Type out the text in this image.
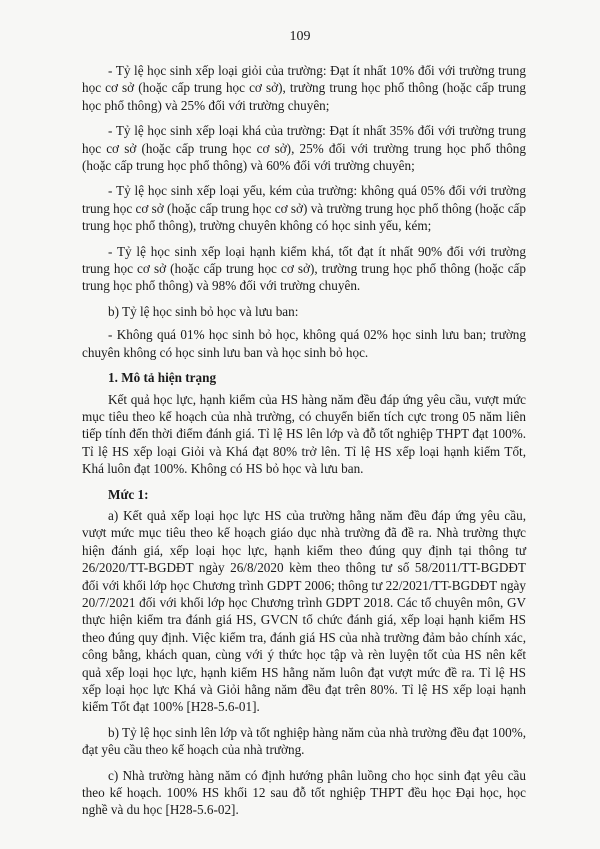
109

- Tỷ lệ học sinh xếp loại giỏi của trường: Đạt ít nhất 10% đối với trường trung học cơ sở (hoặc cấp trung học cơ sở), trường trung học phổ thông (hoặc cấp trung học phổ thông) và 25% đối với trường chuyên;

- Tỷ lệ học sinh xếp loại khá của trường: Đạt ít nhất 35% đối với trường trung học cơ sở (hoặc cấp trung học cơ sở), 25% đối với trường trung học phổ thông (hoặc cấp trung học phổ thông) và 60% đối với trường chuyên;

- Tỷ lệ học sinh xếp loại yếu, kém của trường: không quá 05% đối với trường trung học cơ sở (hoặc cấp trung học cơ sở) và trường trung học phổ thông (hoặc cấp trung học phổ thông), trường chuyên không có học sinh yếu, kém;

- Tỷ lệ học sinh xếp loại hạnh kiểm khá, tốt đạt ít nhất 90% đối với trường trung học cơ sở (hoặc cấp trung học cơ sở), trường trung học phổ thông (hoặc cấp trung học phổ thông) và 98% đối với trường chuyên.

b) Tỷ lệ học sinh bỏ học và lưu ban:

- Không quá 01% học sinh bỏ học, không quá 02% học sinh lưu ban; trường chuyên không có học sinh lưu ban và học sinh bỏ học.

1. Mô tả hiện trạng

Kết quả học lực, hạnh kiểm của HS hàng năm đều đáp ứng yêu cầu, vượt mức mục tiêu theo kế hoạch của nhà trường, có chuyển biến tích cực trong 05 năm liên tiếp tính đến thời điểm đánh giá. Tỉ lệ HS lên lớp và đỗ tốt nghiệp THPT đạt 100%. Tỉ lệ HS xếp loại Giỏi và Khá đạt 80% trở lên. Tỉ lệ HS xếp loại hạnh kiểm Tốt, Khá luôn đạt 100%. Không có HS bỏ học và lưu ban.

Mức 1:

a) Kết quả xếp loại học lực HS của trường hằng năm đều đáp ứng yêu cầu, vượt mức mục tiêu theo kế hoạch giáo dục nhà trường đã đề ra. Nhà trường thực hiện đánh giá, xếp loại học lực, hạnh kiểm theo đúng quy định tại thông tư 26/2020/TT-BGDĐT ngày 26/8/2020 kèm theo thông tư số 58/2011/TT-BGDĐT đối với khối lớp học Chương trình GDPT 2006; thông tư 22/2021/TT-BGDĐT ngày 20/7/2021 đối với khối lớp học Chương trình GDPT 2018. Các tổ chuyên môn, GV thực hiện kiểm tra đánh giá HS, GVCN tổ chức đánh giá, xếp loại hạnh kiểm HS theo đúng quy định. Việc kiểm tra, đánh giá HS của nhà trường đảm bảo chính xác, công bằng, khách quan, cùng với ý thức học tập và rèn luyện tốt của HS nên kết quả xếp loại học lực, hạnh kiểm HS hằng năm luôn đạt vượt mức đề ra. Tỉ lệ HS xếp loại học lực Khá và Giỏi hằng năm đều đạt trên 80%. Tỉ lệ HS xếp loại hạnh kiểm Tốt đạt 100% [H28-5.6-01].

b) Tỷ lệ học sinh lên lớp và tốt nghiệp hàng năm của nhà trường đều đạt 100%, đạt yêu cầu theo kế hoạch của nhà trường.

c) Nhà trường hàng năm có định hướng phân luồng cho học sinh đạt yêu cầu theo kế hoạch. 100% HS khối 12 sau đỗ tốt nghiệp THPT đều học Đại học, học nghề và du học [H28-5.6-02].
